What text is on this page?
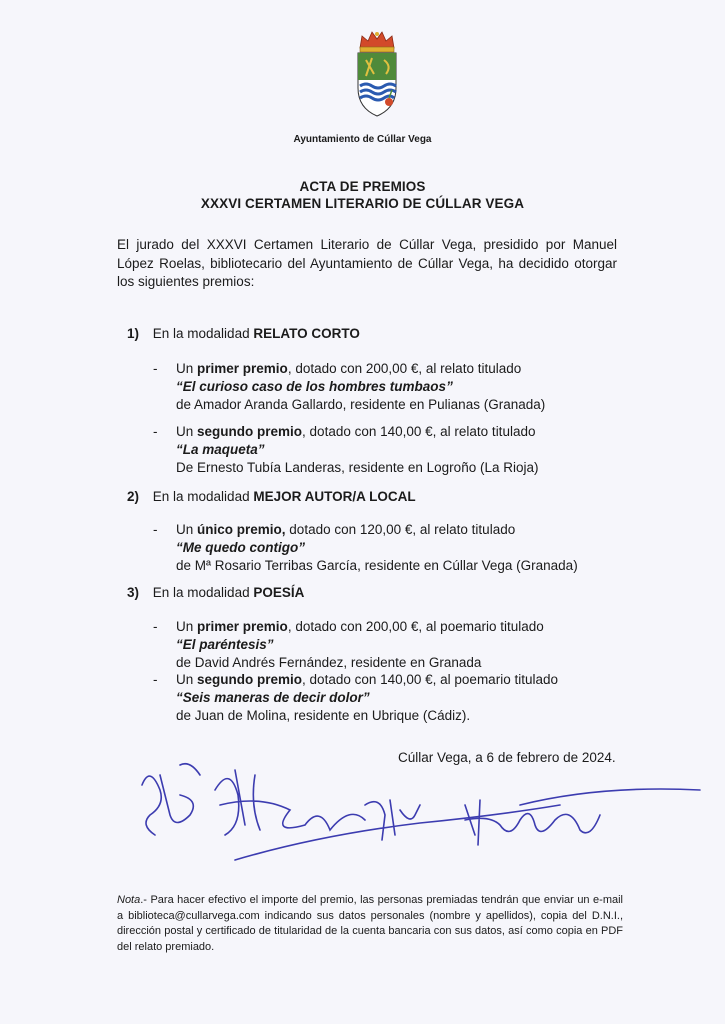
Ayuntamiento de Cúllar Vega
ACTA DE PREMIOS
XXXVI CERTAMEN LITERARIO DE CÚLLAR VEGA
El jurado del XXXVI Certamen Literario de Cúllar Vega, presidido por Manuel López Roelas, bibliotecario del Ayuntamiento de Cúllar Vega, ha decidido otorgar los siguientes premios:
1) En la modalidad RELATO CORTO
- Un primer premio, dotado con 200,00 €, al relato titulado
“El curioso caso de los hombres tumbaos”
de Amador Aranda Gallardo, residente en Pulianas (Granada)
- Un segundo premio, dotado con 140,00 €, al relato titulado
“La maqueta”
De Ernesto Tubía Landeras, residente en Logroño (La Rioja)
2) En la modalidad MEJOR AUTOR/A LOCAL
- Un único premio, dotado con 120,00 €, al relato titulado
“Me quedo contigo”
de Mª Rosario Terribas García, residente en Cúllar Vega (Granada)
3) En la modalidad POESÍA
- Un primer premio, dotado con 200,00 €, al poemario titulado
“El paréntesis”
de David Andrés Fernández, residente en Granada
- Un segundo premio, dotado con 140,00 €, al poemario titulado
“Seis maneras de decir dolor”
de Juan de Molina, residente en Ubrique (Cádiz).
Cúllar Vega, a 6 de febrero de 2024.
Nota.- Para hacer efectivo el importe del premio, las personas premiadas tendrán que enviar un e-mail a biblioteca@cullarvega.com indicando sus datos personales (nombre y apellidos), copia del D.N.I., dirección postal y certificado de titularidad de la cuenta bancaria con sus datos, así como copia en PDF del relato premiado.
